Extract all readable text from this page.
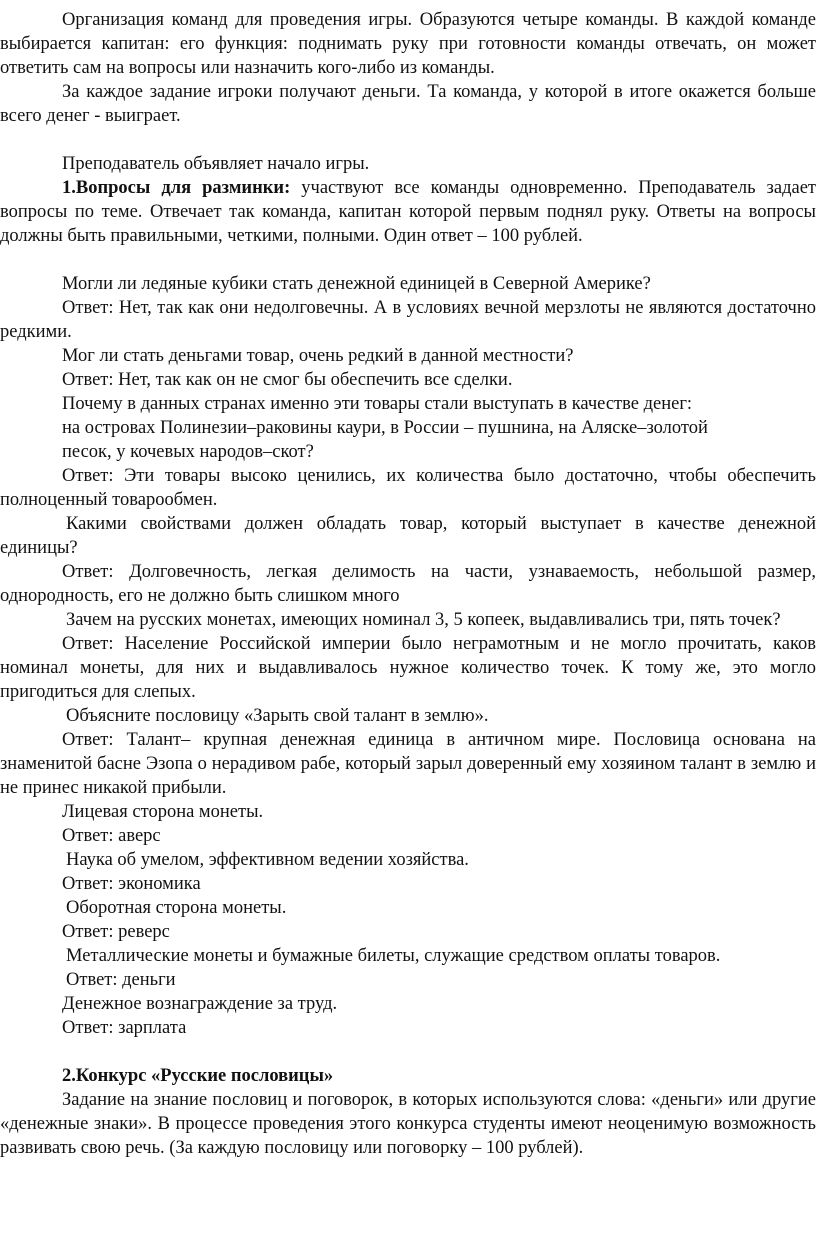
Организация команд для проведения игры. Образуются четыре команды. В каждой команде выбирается капитан: его функция: поднимать руку при готовности команды отвечать, он может ответить сам на вопросы или назначить кого-либо из команды.

За каждое задание игроки получают деньги. Та команда, у которой в итоге окажется больше всего денег - выиграет.

Преподаватель объявляет начало игры.

1.Вопросы для разминки: участвуют все команды одновременно. Преподаватель задает вопросы по теме. Отвечает так команда, капитан которой первым поднял руку. Ответы на вопросы должны быть правильными, четкими, полными. Один ответ – 100 рублей.

Могли ли ледяные кубики стать денежной единицей в Северной Америке?

Ответ: Нет, так как они недолговечны. А в условиях вечной мерзлоты не являются достаточно редкими.

Мог ли стать деньгами товар, очень редкий в данной местности?

Ответ: Нет, так как он не смог бы обеспечить все сделки.

Почему в данных странах именно эти товары стали выступать в качестве денег:

на островах Полинезии–раковины каури, в России – пушнина, на Аляске–золотой

песок, у кочевых народов–скот?

Ответ: Эти товары высоко ценились, их количества было достаточно, чтобы обеспечить полноценный товарообмен.

Какими свойствами должен обладать товар, который выступает в качестве денежной единицы?

Ответ: Долговечность, легкая делимость на части, узнаваемость, небольшой размер, однородность, его не должно быть слишком много

Зачем на русских монетах, имеющих номинал 3, 5 копеек, выдавливались три, пять точек?

Ответ: Население Российской империи было неграмотным и не могло прочитать, каков номинал монеты, для них и выдавливалось нужное количество точек. К тому же, это могло пригодиться для слепых.

Объясните пословицу «Зарыть свой талант в землю».

Ответ: Талант– крупная денежная единица в античном мире. Пословица основана на знаменитой басне Эзопа о нерадивом рабе, который зарыл доверенный ему хозяином талант в землю и не принес никакой прибыли.

Лицевая сторона монеты.

Ответ: аверс

Наука об умелом, эффективном ведении хозяйства.

Ответ: экономика

Оборотная сторона монеты.

Ответ: реверс

Металлические монеты и бумажные билеты, служащие средством оплаты товаров.

Ответ: деньги

Денежное вознаграждение за труд.

Ответ: зарплата

2.Конкурс «Русские пословицы»

Задание на знание пословиц и поговорок, в которых используются слова: «деньги» или другие «денежные знаки». В процессе проведения этого конкурса студенты имеют неоценимую возможность развивать свою речь. (За каждую пословицу или поговорку – 100 рублей).
